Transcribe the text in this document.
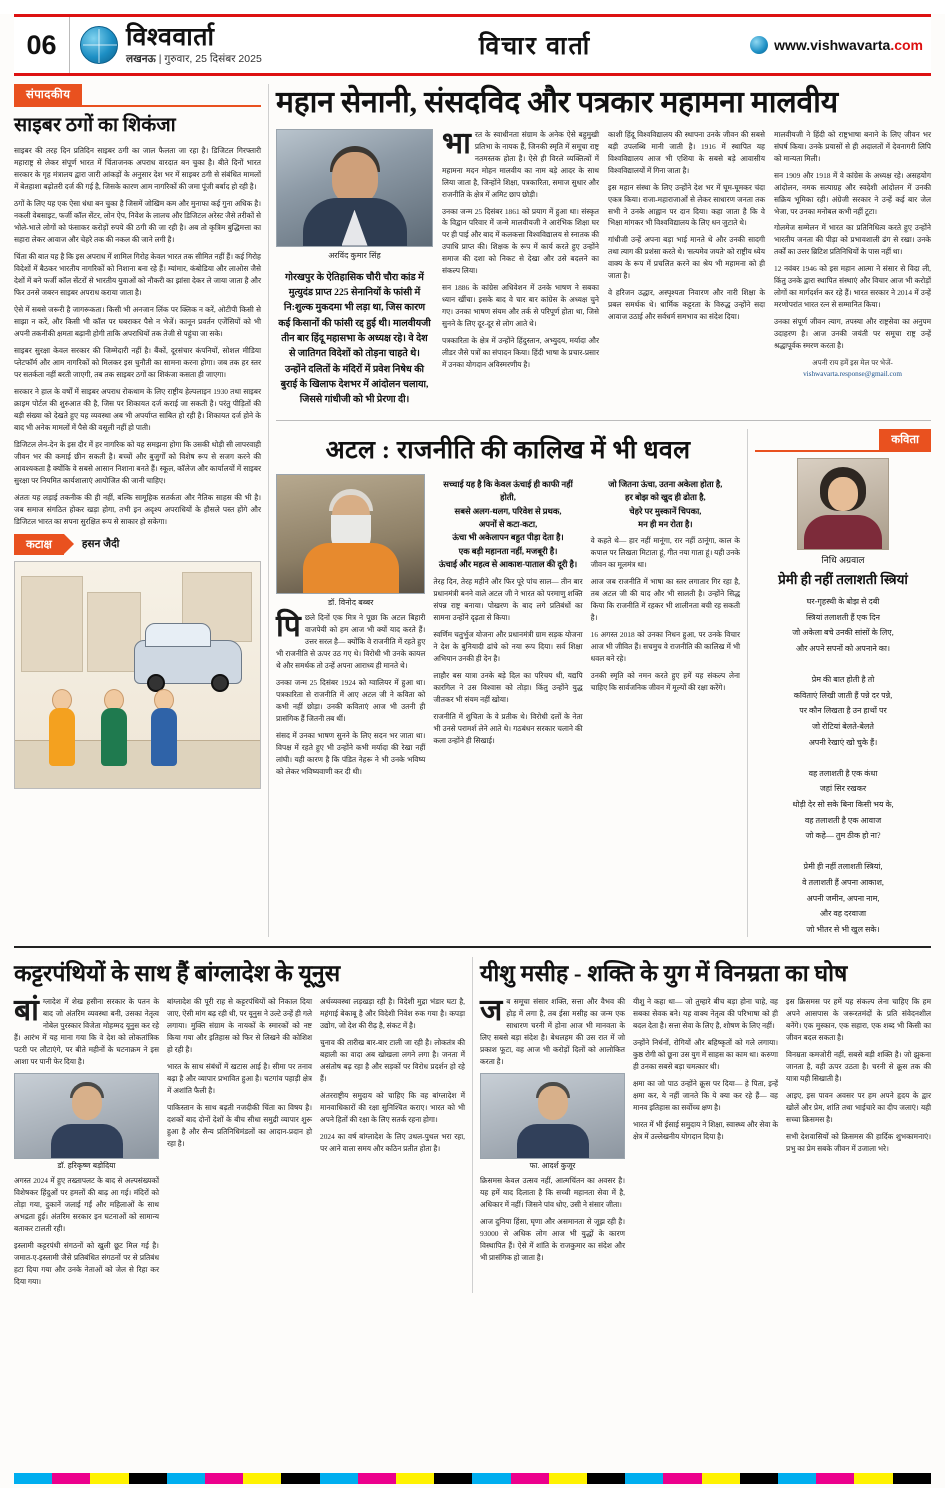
06	विश्ववार्ता
लखनऊ | गुरुवार, 25 दिसंबर 2025	विचार वार्ता	www.vishwavarta.com
संपादकीय
साइबर ठगों का शिकंजा

साइबर की तरह दिन प्रतिदिन साइबर ठगी का जाल फैलता जा रहा है। डिजिटल गिरफ्तारी महाराष्ट्र से लेकर संपूर्ण भारत में चिंताजनक अपराध वारदात बन चुका है। बीते दिनों भारत सरकार के गृह मंत्रालय द्वारा जारी आंकड़ों के अनुसार देश भर में साइबर ठगी से संबंधित मामलों में बेतहाशा बढ़ोतरी दर्ज की गई है, जिसके कारण आम नागरिकों की जमा पूंजी बर्बाद हो रही है।

ठगों के लिए यह एक ऐसा धंधा बन चुका है जिसमें जोखिम कम और मुनाफा कई गुना अधिक है। नकली वेबसाइट, फर्जी कॉल सेंटर, लोन ऐप, निवेश के लालच और डिजिटल अरेस्ट जैसे तरीकों से भोले-भाले लोगों को फंसाकर करोड़ों रुपये की ठगी की जा रही है। अब तो कृत्रिम बुद्धिमत्ता का सहारा लेकर आवाज और चेहरे तक की नकल की जाने लगी है।

चिंता की बात यह है कि इस अपराध में शामिल गिरोह केवल भारत तक सीमित नहीं हैं। कई गिरोह विदेशों में बैठकर भारतीय नागरिकों को निशाना बना रहे हैं। म्यांमार, कंबोडिया और लाओस जैसे देशों में बने फर्जी कॉल सेंटरों से भारतीय युवाओं को नौकरी का झांसा देकर ले जाया जाता है और फिर उनसे जबरन साइबर अपराध कराया जाता है।

ऐसे में सबसे जरूरी है जागरूकता। किसी भी अनजान लिंक पर क्लिक न करें, ओटीपी किसी से साझा न करें, और किसी भी कॉल पर घबराकर पैसे न भेजें। कानून प्रवर्तन एजेंसियों को भी अपनी तकनीकी क्षमता बढ़ानी होगी ताकि अपराधियों तक तेजी से पहुंचा जा सके।

साइबर सुरक्षा केवल सरकार की जिम्मेदारी नहीं है। बैंकों, दूरसंचार कंपनियों, सोशल मीडिया प्लेटफॉर्म और आम नागरिकों को मिलकर इस चुनौती का सामना करना होगा। जब तक हर स्तर पर सतर्कता नहीं बरती जाएगी, तब तक साइबर ठगों का शिकंजा कसता ही जाएगा।

सरकार ने हाल के वर्षों में साइबर अपराध रोकथाम के लिए राष्ट्रीय हेल्पलाइन 1930 तथा साइबर क्राइम पोर्टल की शुरुआत की है, जिस पर शिकायत दर्ज कराई जा सकती है। परंतु पीड़ितों की बड़ी संख्या को देखते हुए यह व्यवस्था अब भी अपर्याप्त साबित हो रही है। शिकायत दर्ज होने के बाद भी अनेक मामलों में पैसे की वसूली नहीं हो पाती।

डिजिटल लेन-देन के इस दौर में हर नागरिक को यह समझना होगा कि उसकी थोड़ी सी लापरवाही जीवन भर की कमाई छीन सकती है। बच्चों और बुजुर्गों को विशेष रूप से सजग करने की आवश्यकता है क्योंकि वे सबसे आसान निशाना बनते हैं। स्कूल, कॉलेज और कार्यालयों में साइबर सुरक्षा पर नियमित कार्यशालाएं आयोजित की जानी चाहिए।

अंततः यह लड़ाई तकनीक की ही नहीं, बल्कि सामूहिक सतर्कता और नैतिक साहस की भी है। जब समाज संगठित होकर खड़ा होगा, तभी इन अदृश्य अपराधियों के हौसले पस्त होंगे और डिजिटल भारत का सपना सुरक्षित रूप से साकार हो सकेगा।

कटाक्ष	हसन जैदी
महान सेनानी, संसदविद और पत्रकार महामना मालवीय
अरविंद कुमार सिंह
गोरखपुर के ऐतिहासिक चौरी चौरा कांड में मुत्युदंड प्राप्त 225 सेनानियों के फांसी में नि:शुल्क मुकदमा भी लड़ा था, जिस कारण कई किसानों की फांसी रद्द हुई थी। मालवीयजी तीन बार हिंदू महासभा के अध्यक्ष रहे। वे देश से जातिगत विदेशों को तोड़ना चाहते थे। उन्होंने दलितों के मंदिरों में प्रवेश निषेध की बुराई के खिलाफ देशभर में आंदोलन चलाया, जिससे गांधीजी को भी प्रेरणा दी।

भारत के स्वाधीनता संग्राम के अनेक ऐसे बहुमुखी प्रतिभा के नायक हैं, जिनकी स्मृति में समूचा राष्ट्र नतमस्तक होता है। ऐसे ही विरले व्यक्तित्वों में महामना मदन मोहन मालवीय का नाम बड़े आदर के साथ लिया जाता है, जिन्होंने शिक्षा, पत्रकारिता, समाज सुधार और राजनीति के क्षेत्र में अमिट छाप छोड़ी।

उनका जन्म 25 दिसंबर 1861 को प्रयाग में हुआ था। संस्कृत के विद्वान परिवार में जन्मे मालवीयजी ने आरंभिक शिक्षा घर पर ही पाई और बाद में कलकत्ता विश्वविद्यालय से स्नातक की उपाधि प्राप्त की। शिक्षक के रूप में कार्य करते हुए उन्होंने समाज की दशा को निकट से देखा और उसे बदलने का संकल्प लिया।

सन 1886 के कांग्रेस अधिवेशन में उनके भाषण ने सबका ध्यान खींचा। इसके बाद वे चार बार कांग्रेस के अध्यक्ष चुने गए। उनका भाषण संयम और तर्क से परिपूर्ण होता था, जिसे सुनने के लिए दूर-दूर से लोग आते थे।

पत्रकारिता के क्षेत्र में उन्होंने हिंदुस्तान, अभ्युदय, मर्यादा और लीडर जैसे पत्रों का संपादन किया। हिंदी भाषा के प्रचार-प्रसार में उनका योगदान अविस्मरणीय है।

काशी हिंदू विश्वविद्यालय की स्थापना उनके जीवन की सबसे बड़ी उपलब्धि मानी जाती है। 1916 में स्थापित यह विश्वविद्यालय आज भी एशिया के सबसे बड़े आवासीय विश्वविद्यालयों में गिना जाता है।

इस महान संस्था के लिए उन्होंने देश भर में घूम-घूमकर चंदा एकत्र किया। राजा-महाराजाओं से लेकर साधारण जनता तक सभी ने उनके आह्वान पर दान दिया। कहा जाता है कि वे भिक्षा मांगकर भी विश्वविद्यालय के लिए धन जुटाते थे।

गांधीजी उन्हें अपना बड़ा भाई मानते थे और उनकी सादगी तथा त्याग की प्रशंसा करते थे। 'सत्यमेव जयते' को राष्ट्रीय ध्येय वाक्य के रूप में प्रचलित करने का श्रेय भी महामना को ही जाता है।

वे हरिजन उद्धार, अस्पृश्यता निवारण और नारी शिक्षा के प्रबल समर्थक थे। धार्मिक कट्टरता के विरुद्ध उन्होंने सदा आवाज उठाई और सर्वधर्म समभाव का संदेश दिया।

मालवीयजी ने हिंदी को राष्ट्रभाषा बनाने के लिए जीवन भर संघर्ष किया। उनके प्रयासों से ही अदालतों में देवनागरी लिपि को मान्यता मिली।

सन 1909 और 1918 में वे कांग्रेस के अध्यक्ष रहे। असहयोग आंदोलन, नमक सत्याग्रह और स्वदेशी आंदोलन में उनकी सक्रिय भूमिका रही। अंग्रेजी सरकार ने उन्हें कई बार जेल भेजा, पर उनका मनोबल कभी नहीं टूटा।

गोलमेज सम्मेलन में भारत का प्रतिनिधित्व करते हुए उन्होंने भारतीय जनता की पीड़ा को प्रभावशाली ढंग से रखा। उनके तर्कों का उत्तर ब्रिटिश प्रतिनिधियों के पास नहीं था।

12 नवंबर 1946 को इस महान आत्मा ने संसार से विदा ली, किंतु उनके द्वारा स्थापित संस्थाएं और विचार आज भी करोड़ों लोगों का मार्गदर्शन कर रहे हैं। भारत सरकार ने 2014 में उन्हें मरणोपरांत भारत रत्न से सम्मानित किया।

उनका संपूर्ण जीवन त्याग, तपस्या और राष्ट्रसेवा का अनुपम उदाहरण है। आज उनकी जयंती पर समूचा राष्ट्र उन्हें श्रद्धापूर्वक स्मरण करता है।

अपनी राय हमें इस मेल पर भेजें-
vishwavarta.response@gmail.com
अटल : राजनीति की कालिख में भी धवल
डॉ. विनोद बब्बर

पिछले दिनों एक मित्र ने पूछा कि अटल बिहारी वाजपेयी को हम आज भी क्यों याद करते हैं। उत्तर सरल है— क्योंकि वे राजनीति में रहते हुए भी राजनीति से ऊपर उठ गए थे। विरोधी भी उनके कायल थे और समर्थक तो उन्हें अपना आराध्य ही मानते थे।

उनका जन्म 25 दिसंबर 1924 को ग्वालियर में हुआ था। पत्रकारिता से राजनीति में आए अटल जी ने कविता को कभी नहीं छोड़ा। उनकी कविताएं आज भी उतनी ही प्रासंगिक हैं जितनी तब थीं।

संसद में उनका भाषण सुनने के लिए सदन भर जाता था। विपक्ष में रहते हुए भी उन्होंने कभी मर्यादा की रेखा नहीं लांघी। यही कारण है कि पंडित नेहरू ने भी उनके भविष्य को लेकर भविष्यवाणी कर दी थी।

सच्चाई यह है कि केवल ऊंचाई ही काफी नहीं होती,
सबसे अलग-थलग, परिवेश से प्रथक,
अपनों से कटा-कटा,
ऊंचा भी अकेलापन बहुत पीड़ा देता है।
एक बड़ी महानता नहीं, मजबूरी है।
ऊंचाई और महत्व से आकाश-पाताल की दूरी है।

तेरह दिन, तेरह महीने और फिर पूरे पांच साल— तीन बार प्रधानमंत्री बनने वाले अटल जी ने भारत को परमाणु शक्ति संपन्न राष्ट्र बनाया। पोखरण के बाद लगे प्रतिबंधों का सामना उन्होंने दृढ़ता से किया।

स्वर्णिम चतुर्भुज योजना और प्रधानमंत्री ग्राम सड़क योजना ने देश के बुनियादी ढांचे को नया रूप दिया। सर्व शिक्षा अभियान उनकी ही देन है।

लाहौर बस यात्रा उनके बड़े दिल का परिचय थी, यद्यपि कारगिल ने उस विश्वास को तोड़ा। किंतु उन्होंने युद्ध जीतकर भी संयम नहीं खोया।

राजनीति में शुचिता के वे प्रतीक थे। विरोधी दलों के नेता भी उनसे परामर्श लेने आते थे। गठबंधन सरकार चलाने की कला उन्होंने ही सिखाई।

जो जितना ऊंचा, उतना अकेला होता है,
हर बोझ को खुद ही ढोता है,
चेहरे पर मुस्कानें चिपका,
मन ही मन रोता है।

वे कहते थे— हार नहीं मानूंगा, रार नहीं ठानूंगा, काल के कपाल पर लिखता मिटाता हूं, गीत नया गाता हूं। यही उनके जीवन का मूलमंत्र था।

आज जब राजनीति में भाषा का स्तर लगातार गिर रहा है, तब अटल जी की याद और भी सालती है। उन्होंने सिद्ध किया कि राजनीति में रहकर भी शालीनता बची रह सकती है।

16 अगस्त 2018 को उनका निधन हुआ, पर उनके विचार आज भी जीवित हैं। सचमुच वे राजनीति की कालिख में भी धवल बने रहे।

उनकी स्मृति को नमन करते हुए हमें यह संकल्प लेना चाहिए कि सार्वजनिक जीवन में मूल्यों की रक्षा करेंगे।

कविता
निधि अग्रवाल
प्रेमी ही नहीं तलाशती स्त्रियां
घर-गृहस्थी के बोझ से दबी
स्त्रियां तलाशती हैं एक दिन
जो अकेला बचे उनकी सांसों के लिए,
और अपने सपनों को अपनाने का।

प्रेम की बात होती है तो
कविताएं लिखी जाती हैं पन्ने दर पन्ने,
पर कौन लिखता है उन हाथों पर
जो रोटियां बेलते-बेलते
अपनी रेखाएं खो चुके हैं।

वह तलाशती है एक कंधा
जहां सिर रखकर
थोड़ी देर सो सके बिना किसी भय के,
वह तलाशती है एक आवाज
जो कहे— तुम ठीक हो ना?

प्रेमी ही नहीं तलाशती स्त्रियां,
वे तलाशती हैं अपना आकाश,
अपनी जमीन, अपना नाम,
और वह दरवाजा
जो भीतर से भी खुल सके।
कट्टरपंथियों के साथ हैं बांग्लादेश के यूनुस

बांग्लादेश में शेख हसीना सरकार के पतन के बाद जो अंतरिम व्यवस्था बनी, उसका नेतृत्व नोबेल पुरस्कार विजेता मोहम्मद यूनुस कर रहे हैं। आरंभ में यह माना गया कि वे देश को लोकतांत्रिक पटरी पर लौटाएंगे, पर बीते महीनों के घटनाक्रम ने इस आशा पर पानी फेर दिया है।

डॉ. हरिकृष्ण बड़ोदिया

अगस्त 2024 में हुए तख्तापलट के बाद से अल्पसंख्यकों विशेषकर हिंदुओं पर हमलों की बाढ़ आ गई। मंदिरों को तोड़ा गया, दुकानें जलाई गईं और महिलाओं के साथ अभद्रता हुई। अंतरिम सरकार इन घटनाओं को सामान्य बताकर टालती रही।

इस्लामी कट्टरपंथी संगठनों को खुली छूट मिल गई है। जमात-ए-इस्लामी जैसे प्रतिबंधित संगठनों पर से प्रतिबंध हटा दिया गया और उनके नेताओं को जेल से रिहा कर दिया गया।

बांग्लादेश की पूरी राह से कट्टरपंथियों को निकाल दिया जाए, ऐसी मांग बढ़ रही थी, पर यूनुस ने उल्टे उन्हें ही गले लगाया। मुक्ति संग्राम के नायकों के स्मारकों को नष्ट किया गया और इतिहास को फिर से लिखने की कोशिश हो रही है।

भारत के साथ संबंधों में खटास आई है। सीमा पर तनाव बढ़ा है और व्यापार प्रभावित हुआ है। चटगांव पहाड़ी क्षेत्र में अशांति फैली है।

पाकिस्तान के साथ बढ़ती नजदीकी चिंता का विषय है। दशकों बाद दोनों देशों के बीच सीधा समुद्री व्यापार शुरू हुआ है और सैन्य प्रतिनिधिमंडलों का आदान-प्रदान हो रहा है।

अर्थव्यवस्था लड़खड़ा रही है। विदेशी मुद्रा भंडार घटा है, महंगाई बेकाबू है और विदेशी निवेश रुक गया है। कपड़ा उद्योग, जो देश की रीढ़ है, संकट में है।

चुनाव की तारीख बार-बार टाली जा रही है। लोकतंत्र की बहाली का वादा अब खोखला लगने लगा है। जनता में असंतोष बढ़ रहा है और सड़कों पर विरोध प्रदर्शन हो रहे हैं।

अंतरराष्ट्रीय समुदाय को चाहिए कि वह बांग्लादेश में मानवाधिकारों की रक्षा सुनिश्चित कराए। भारत को भी अपने हितों की रक्षा के लिए सतर्क रहना होगा।

2024 का वर्ष बांग्लादेश के लिए उथल-पुथल भरा रहा, पर आने वाला समय और कठिन प्रतीत होता है।

यीशु मसीह - शक्ति के युग में विनम्रता का घोष

जब समूचा संसार शक्ति, सत्ता और वैभव की होड़ में लगा है, तब ईसा मसीह का जन्म एक साधारण चरनी में होना आज भी मानवता के लिए सबसे बड़ा संदेश है। बेथलहम की उस रात में जो प्रकाश फूटा, वह आज भी करोड़ों दिलों को आलोकित करता है।

फा. आदर्श कुजूर

क्रिसमस केवल उत्सव नहीं, आत्मचिंतन का अवसर है। यह हमें याद दिलाता है कि सच्ची महानता सेवा में है, अधिकार में नहीं। जिसने पांव धोए, उसी ने संसार जीता।

आज दुनिया हिंसा, घृणा और असमानता से जूझ रही है। 93000 से अधिक लोग आज भी युद्धों के कारण विस्थापित हैं। ऐसे में शांति के राजकुमार का संदेश और भी प्रासंगिक हो जाता है।

यीशु ने कहा था— जो तुम्हारे बीच बड़ा होना चाहे, वह सबका सेवक बने। यह वाक्य नेतृत्व की परिभाषा को ही बदल देता है। सत्ता सेवा के लिए है, शोषण के लिए नहीं।

उन्होंने निर्धनों, रोगियों और बहिष्कृतों को गले लगाया। कुष्ठ रोगी को छूना उस युग में साहस का काम था। करुणा ही उनका सबसे बड़ा चमत्कार थी।

क्षमा का जो पाठ उन्होंने क्रूस पर दिया— हे पिता, इन्हें क्षमा कर, ये नहीं जानते कि ये क्या कर रहे हैं— वह मानव इतिहास का सर्वोच्च क्षण है।

भारत में भी ईसाई समुदाय ने शिक्षा, स्वास्थ्य और सेवा के क्षेत्र में उल्लेखनीय योगदान दिया है।

इस क्रिसमस पर हमें यह संकल्प लेना चाहिए कि हम अपने आसपास के जरूरतमंदों के प्रति संवेदनशील बनेंगे। एक मुस्कान, एक सहारा, एक शब्द भी किसी का जीवन बदल सकता है।

विनम्रता कमजोरी नहीं, सबसे बड़ी शक्ति है। जो झुकना जानता है, वही ऊपर उठता है। चरनी से क्रूस तक की यात्रा यही सिखाती है।

आइए, इस पावन अवसर पर हम अपने हृदय के द्वार खोलें और प्रेम, शांति तथा भाईचारे का दीप जलाएं। यही सच्चा क्रिसमस है।

सभी देशवासियों को क्रिसमस की हार्दिक शुभकामनाएं। प्रभु का प्रेम सबके जीवन में उजाला भरे।
